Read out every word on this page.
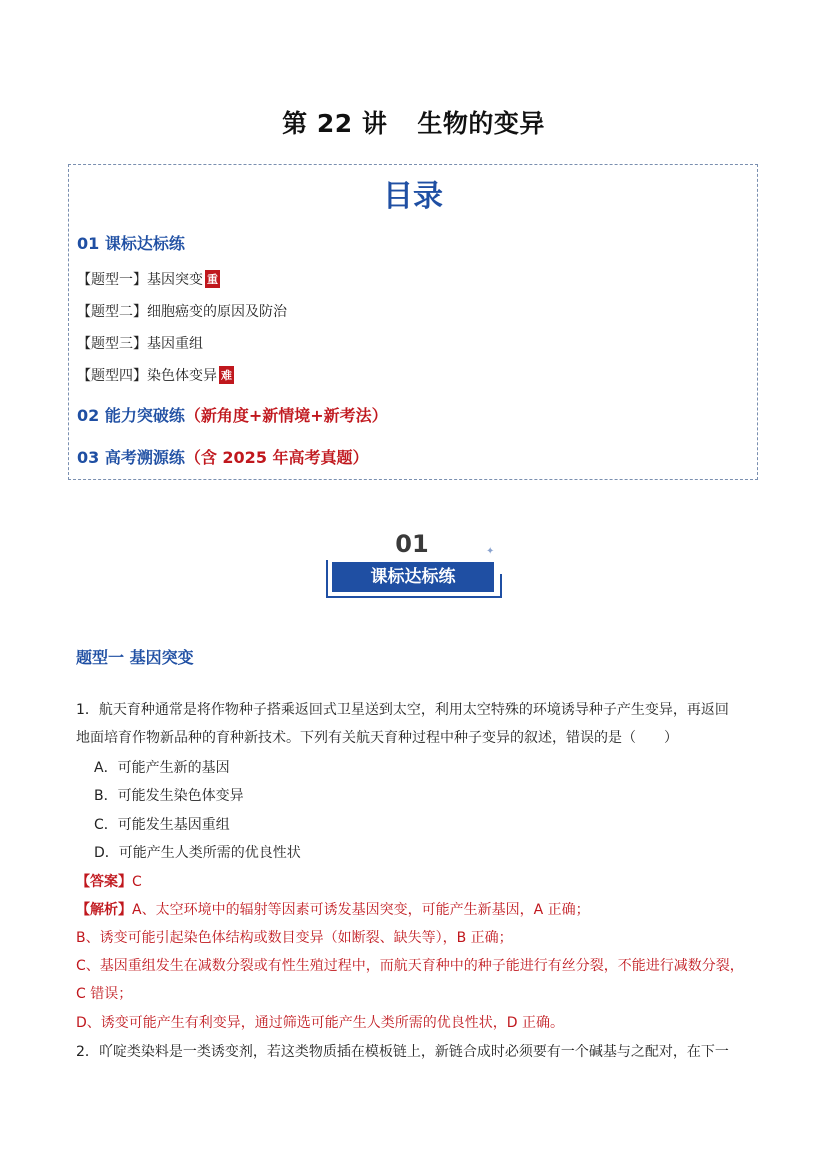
第 22 讲 生物的变异
目录
01 课标达标练
【题型一】基因突变 重
【题型二】细胞癌变的原因及防治
【题型三】基因重组
【题型四】染色体变异 难
02 能力突破练（新角度+新情境+新考法）
03 高考溯源练（含 2025 年高考真题）
01
课标达标练
✦
题型一 基因突变
1．航天育种通常是将作物种子搭乘返回式卫星送到太空，利用太空特殊的环境诱导种子产生变异，再返回
地面培育作物新品种的育种新技术。下列有关航天育种过程中种子变异的叙述，错误的是（　　）
A．可能产生新的基因
B．可能发生染色体变异
C．可能发生基因重组
D．可能产生人类所需的优良性状
【答案】C
【解析】A、太空环境中的辐射等因素可诱发基因突变，可能产生新基因，A 正确；
B、诱变可能引起染色体结构或数目变异（如断裂、缺失等），B 正确；
C、基因重组发生在减数分裂或有性生殖过程中，而航天育种中的种子能进行有丝分裂，不能进行减数分裂，
C 错误；
D、诱变可能产生有利变异，通过筛选可能产生人类所需的优良性状，D 正确。
2．吖啶类染料是一类诱变剂，若这类物质插在模板链上，新链合成时必须要有一个碱基与之配对，在下一
